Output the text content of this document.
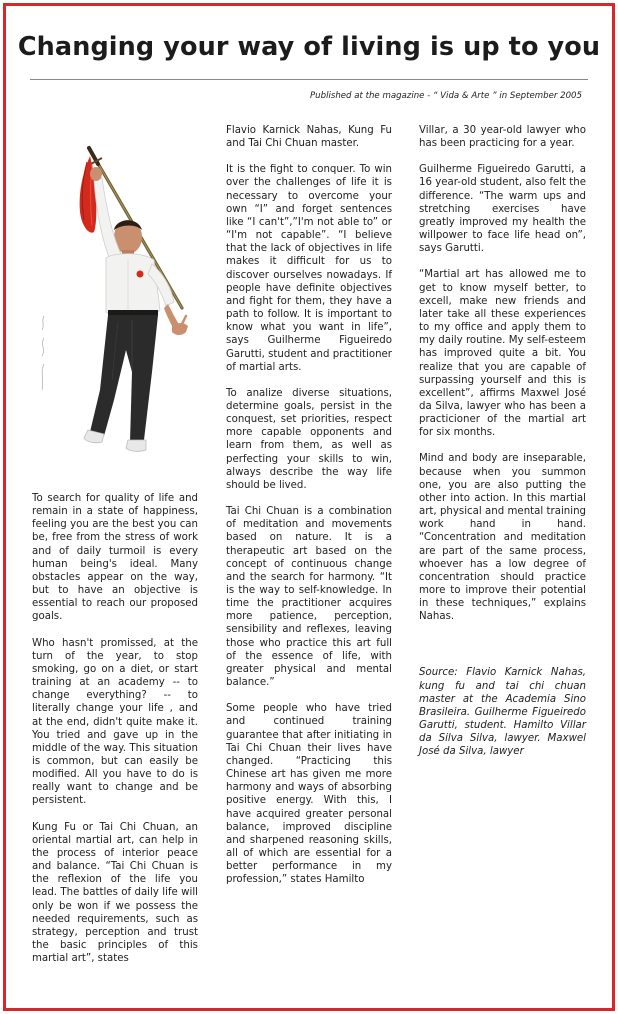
Changing your way of living is up to you
Published at the magazine - “ Vida & Arte ” in September 2005

To search for quality of life and remain in a state of happiness, feeling you are the best you can be, free from the stress of work and of daily turmoil is every human being's ideal. Many obstacles appear on the way, but to have an objective is essential to reach our proposed goals.

Who hasn't promissed, at the turn of the year, to stop smoking, go on a diet, or start training at an academy -- to change everything? -- to literally change your life , and at the end, didn't quite make it. You tried and gave up in the middle of the way. This situation is common, but can easily be modified. All you have to do is really want to change and be persistent.

Kung Fu or Tai Chi Chuan, an oriental martial art, can help in the process of interior peace and balance. “Tai Chi Chuan is the reflexion of the life you lead. The battles of daily life will only be won if we possess the needed requirements, such as strategy, perception and trust the basic principles of this martial art”, states

Flavio Karnick Nahas, Kung Fu and Tai Chi Chuan master.

It is the fight to conquer. To win over the challenges of life it is necessary to overcome your own “I” and forget sentences like “I can't”,”I'm not able to” or “I'm not capable”. “I believe that the lack of objectives in life makes it difficult for us to discover ourselves nowadays. If people have definite objectives and fight for them, they have a path to follow. It is important to know what you want in life”, says Guilherme Figueiredo Garutti, student and practitioner of martial arts.

To analize diverse situations, determine goals, persist in the conquest, set priorities, respect more capable opponents and learn from them, as well as perfecting your skills to win, always describe the way life should be lived.

Tai Chi Chuan is a combination of meditation and movements based on nature. It is a therapeutic art based on the concept of continuous change and the search for harmony. “It is the way to self-knowledge. In time the practitioner acquires more patience, perception, sensibility and reflexes, leaving those who practice this art full of the essence of life, with greater physical and mental balance.”

Some people who have tried and continued training guarantee that after initiating in Tai Chi Chuan their lives have changed. “Practicing this Chinese art has given me more harmony and ways of absorbing positive energy. With this, I have acquired greater personal balance, improved discipline and sharpened reasoning skills, all of which are essential for a better performance in my profession,” states Hamilto

Villar, a 30 year-old lawyer who has been practicing for a year.

Guilherme Figueiredo Garutti, a 16 year-old student, also felt the difference. “The warm ups and stretching exercises have greatly improved my health the willpower to face life head on”, says Garutti.

“Martial art has allowed me to get to know myself better, to excell, make new friends and later take all these experiences to my office and apply them to my daily routine. My self-esteem has improved quite a bit. You realize that you are capable of surpassing yourself and this is excellent”, affirms Maxwel José da Silva, lawyer who has been a practicioner of the martial art for six months.

Mind and body are inseparable, because when you summon one, you are also putting the other into action. In this martial art, physical and mental training work hand in hand. “Concentration and meditation are part of the same process, whoever has a low degree of concentration should practice more to improve their potential in these techniques,” explains Nahas.

Source: Flavio Karnick Nahas, kung fu and tai chi chuan master at the Academia Sino Brasileira. Guilherme Figueiredo Garutti, student. Hamilto Villar da Silva Silva, lawyer. Maxwel José da Silva, lawyer
